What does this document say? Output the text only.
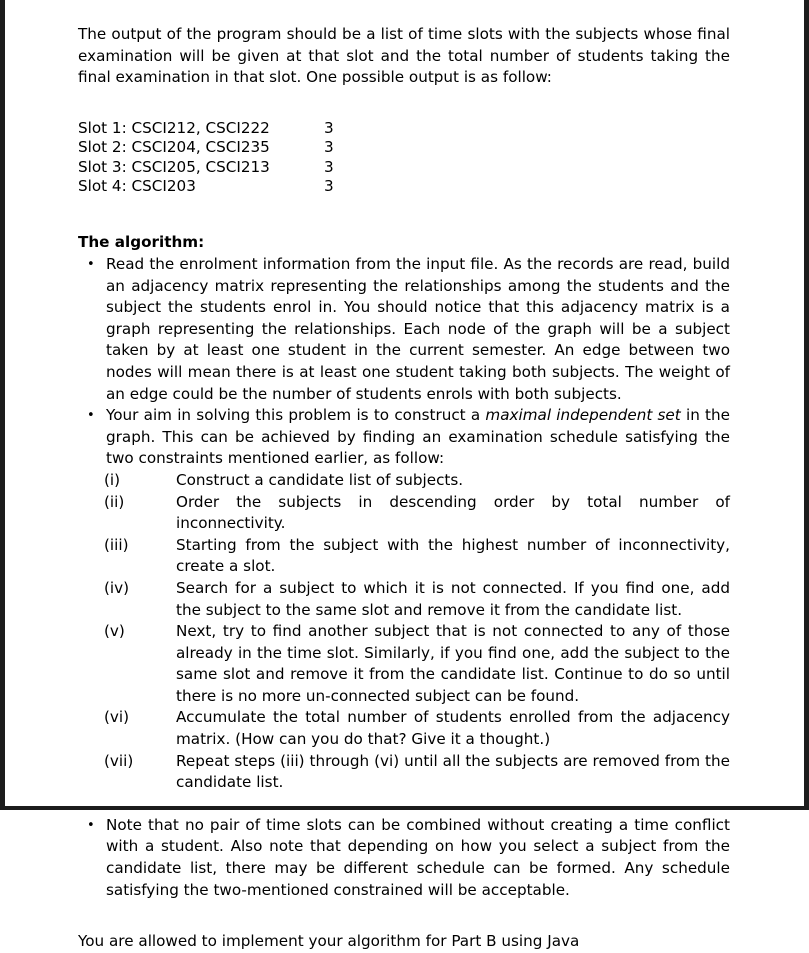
The output of the program should be a list of time slots with the subjects whose final examination will be given at that slot and the total number of students taking the final examination in that slot. One possible output is as follow:

Slot 1: CSCI212, CSCI222	3
Slot 2: CSCI204, CSCI235	3
Slot 3: CSCI205, CSCI213	3
Slot 4: CSCI203	3

The algorithm:

• Read the enrolment information from the input file. As the records are read, build an adjacency matrix representing the relationships among the students and the subject the students enrol in. You should notice that this adjacency matrix is a graph representing the relationships. Each node of the graph will be a subject taken by at least one student in the current semester. An edge between two nodes will mean there is at least one student taking both subjects. The weight of an edge could be the number of students enrols with both subjects.
• Your aim in solving this problem is to construct a maximal independent set in the graph. This can be achieved by finding an examination schedule satisfying the two constraints mentioned earlier, as follow:
(i)	Construct a candidate list of subjects.
(ii)	Order the subjects in descending order by total number of inconnectivity.
(iii)	Starting from the subject with the highest number of inconnectivity, create a slot.
(iv)	Search for a subject to which it is not connected. If you find one, add the subject to the same slot and remove it from the candidate list.
(v)	Next, try to find another subject that is not connected to any of those already in the time slot. Similarly, if you find one, add the subject to the same slot and remove it from the candidate list. Continue to do so until there is no more un-connected subject can be found.
(vi)	Accumulate the total number of students enrolled from the adjacency matrix. (How can you do that? Give it a thought.)
(vii)	Repeat steps (iii) through (vi) until all the subjects are removed from the candidate list.
• Note that no pair of time slots can be combined without creating a time conflict with a student. Also note that depending on how you select a subject from the candidate list, there may be different schedule can be formed. Any schedule satisfying the two-mentioned constrained will be acceptable.

You are allowed to implement your algorithm for Part B using Java
